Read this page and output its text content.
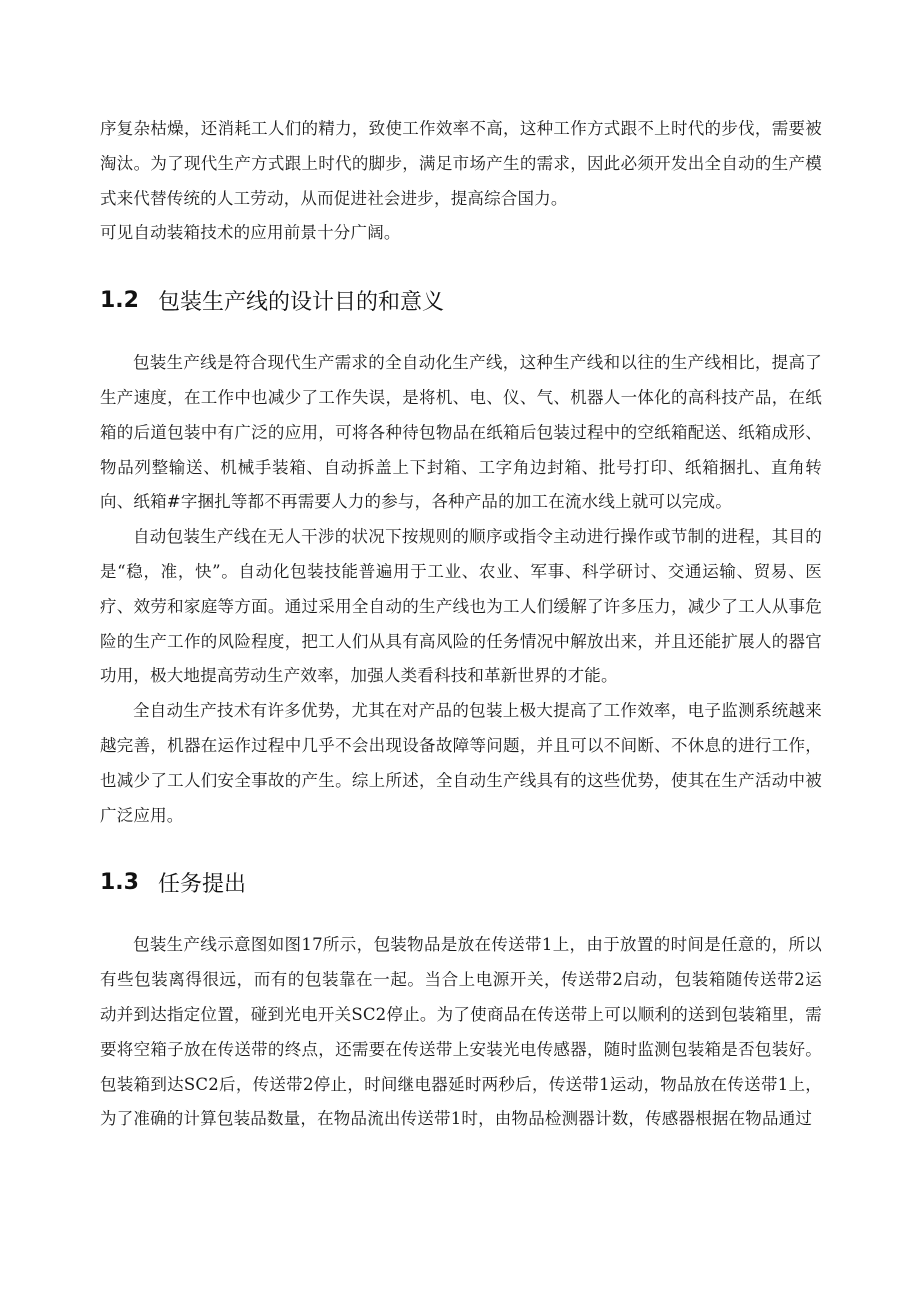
序复杂枯燥，还消耗工人们的精力，致使工作效率不高，这种工作方式跟不上时代的步伐，需要被淘汰。为了现代生产方式跟上时代的脚步，满足市场产生的需求，因此必须开发出全自动的生产模式来代替传统的人工劳动，从而促进社会进步，提高综合国力。

可见自动装箱技术的应用前景十分广阔。

1.2 包装生产线的设计目的和意义

包装生产线是符合现代生产需求的全自动化生产线，这种生产线和以往的生产线相比，提高了生产速度，在工作中也减少了工作失误，是将机、电、仪、气、机器人一体化的高科技产品，在纸箱的后道包装中有广泛的应用，可将各种待包物品在纸箱后包装过程中的空纸箱配送、纸箱成形、物品列整输送、机械手装箱、自动拆盖上下封箱、工字角边封箱、批号打印、纸箱捆扎、直角转向、纸箱#字捆扎等都不再需要人力的参与，各种产品的加工在流水线上就可以完成。

自动包装生产线在无人干涉的状况下按规则的顺序或指令主动进行操作或节制的进程，其目的是“稳，准，快”。自动化包装技能普遍用于工业、农业、军事、科学研讨、交通运输、贸易、医疗、效劳和家庭等方面。通过采用全自动的生产线也为工人们缓解了许多压力，减少了工人从事危险的生产工作的风险程度，把工人们从具有高风险的任务情况中解放出来，并且还能扩展人的器官功用，极大地提高劳动生产效率，加强人类看科技和革新世界的才能。

全自动生产技术有许多优势，尤其在对产品的包装上极大提高了工作效率，电子监测系统越来越完善，机器在运作过程中几乎不会出现设备故障等问题，并且可以不间断、不休息的进行工作，也减少了工人们安全事故的产生。综上所述，全自动生产线具有的这些优势，使其在生产活动中被广泛应用。

1.3 任务提出

包装生产线示意图如图17所示，包装物品是放在传送带1上，由于放置的时间是任意的，所以有些包装离得很远，而有的包装靠在一起。当合上电源开关，传送带2启动，包装箱随传送带2运动并到达指定位置，碰到光电开关SC2停止。为了使商品在传送带上可以顺利的送到包装箱里，需要将空箱子放在传送带的终点，还需要在传送带上安装光电传感器，随时监测包装箱是否包装好。包装箱到达SC2后，传送带2停止，时间继电器延时两秒后，传送带1运动，物品放在传送带1上，为了准确的计算包装品数量，在物品流出传送带1时，由物品检测器计数，传感器根据在物品通过
